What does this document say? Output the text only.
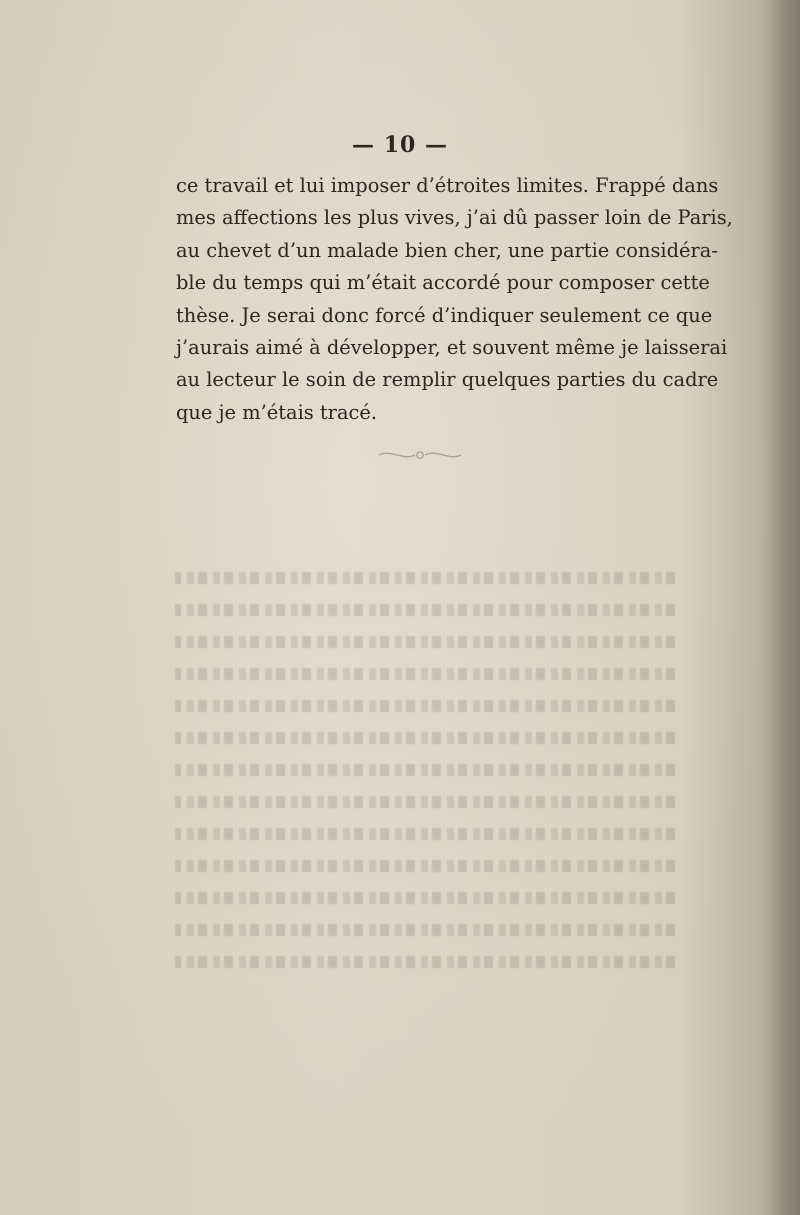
— 10 —
ce travail et lui imposer d’étroites limites. Frappé dans
mes affections les plus vives, j’ai dû passer loin de Paris,
au chevet d’un malade bien cher, une partie considéra-
ble du temps qui m’était accordé pour composer cette
thèse. Je serai donc forcé d’indiquer seulement ce que
j’aurais aimé à développer, et souvent même je laisserai
au lecteur le soin de remplir quelques parties du cadre
que je m’étais tracé.
